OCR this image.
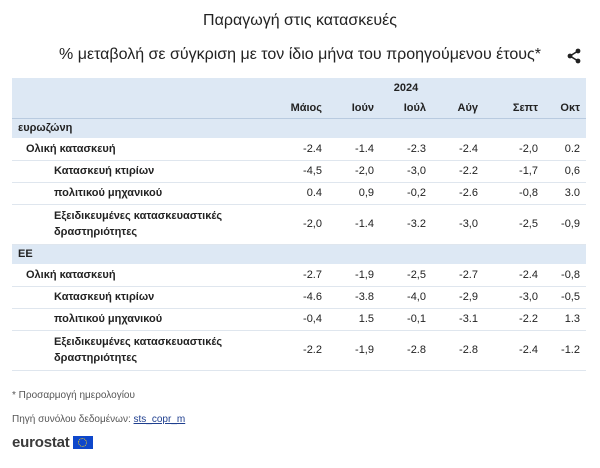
Παραγωγή στις κατασκευές
% μεταβολή σε σύγκριση με τον ίδιο μήνα του προηγούμενου έτους*
			2024			
	Μάιος	Ιούν	Ιούλ	Αύγ	Σεπτ	Οκτ
ευρωζώνη						
Ολική κατασκευή	-2.4	-1.4	-2.3	-2.4	-2,0	0.2
Κατασκευή κτιρίων	-4,5	-2,0	-3,0	-2.2	-1,7	0,6
πολιτικού μηχανικού	0.4	0,9	-0,2	-2.6	-0,8	3.0
Εξειδικευμένες κατασκευαστικές δραστηριότητες	-2,0	-1.4	-3.2	-3,0	-2,5	-0,9
ΕΕ						
Ολική κατασκευή	-2.7	-1,9	-2,5	-2.7	-2.4	-0,8
Κατασκευή κτιρίων	-4.6	-3.8	-4,0	-2,9	-3,0	-0,5
πολιτικού μηχανικού	-0,4	1.5	-0,1	-3.1	-2.2	1.3
Εξειδικευμένες κατασκευαστικές δραστηριότητες	-2.2	-1,9	-2.8	-2.8	-2.4	-1.2
* Προσαρμογή ημερολογίου
Πηγή συνόλου δεδομένων: sts_copr_m
eurostat
